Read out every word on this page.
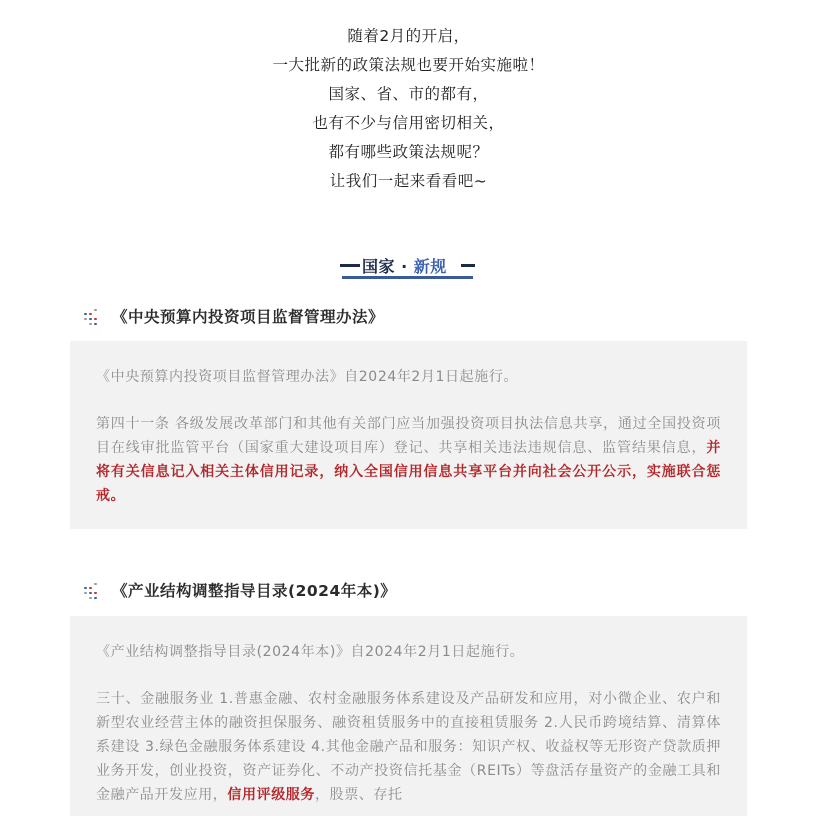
随着2月的开启，
一大批新的政策法规也要开始实施啦！
国家、省、市的都有，
也有不少与信用密切相关，
都有哪些政策法规呢？
让我们一起来看看吧~
国家 · 新规
《中央预算内投资项目监督管理办法》

《中央预算内投资项目监督管理办法》自2024年2月1日起施行。

第四十一条 各级发展改革部门和其他有关部门应当加强投资项目执法信息共享，通过全国投资项目在线审批监管平台（国家重大建设项目库）登记、共享相关违法违规信息、监管结果信息，并将有关信息记入相关主体信用记录，纳入全国信用信息共享平台并向社会公开公示，实施联合惩戒。

《产业结构调整指导目录(2024年本)》

《产业结构调整指导目录(2024年本)》自2024年2月1日起施行。

三十、金融服务业 1.普惠金融、农村金融服务体系建设及产品研发和应用，对小微企业、农户和新型农业经营主体的融资担保服务、融资租赁服务中的直接租赁服务 2.人民币跨境结算、清算体系建设 3.绿色金融服务体系建设 4.其他金融产品和服务：知识产权、收益权等无形资产贷款质押业务开发，创业投资，资产证券化、不动产投资信托基金（REITs）等盘活存量资产的金融工具和金融产品开发应用，信用评级服务，股票、存托
